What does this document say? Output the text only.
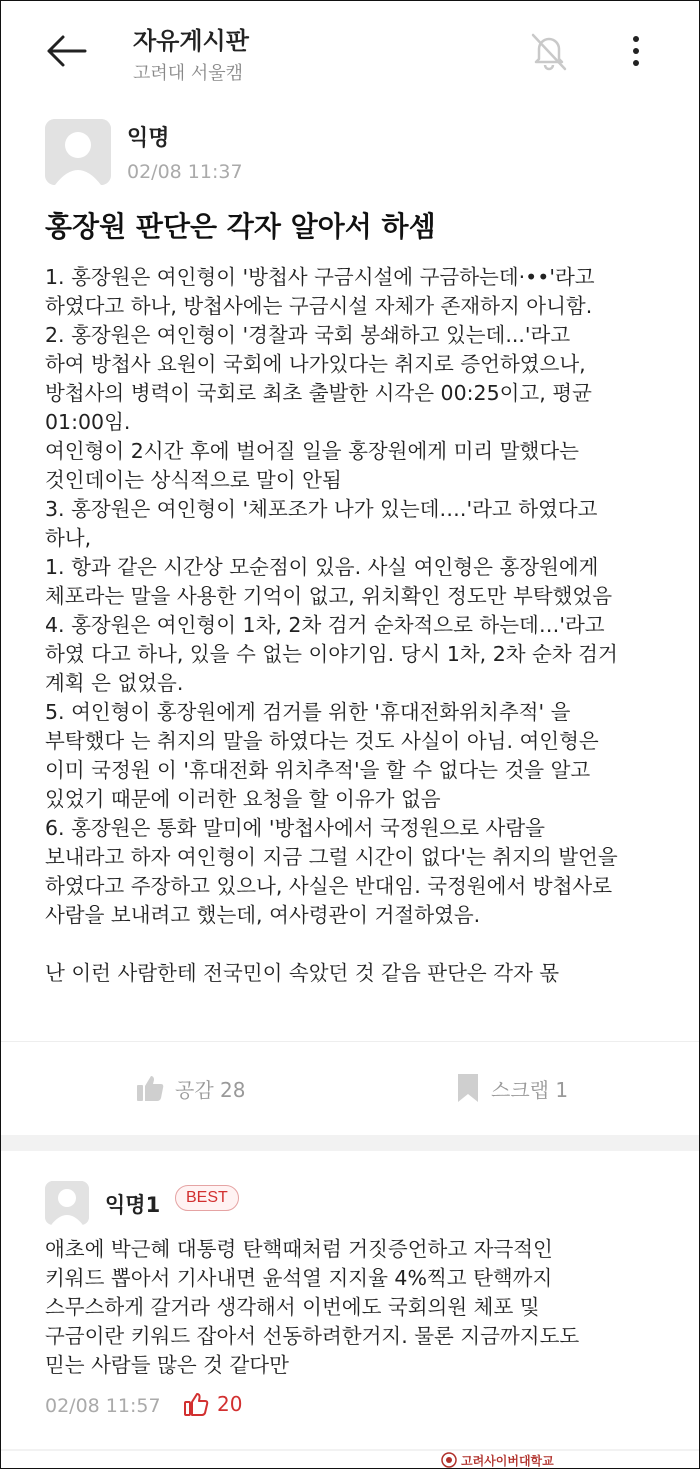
자유게시판
고려대 서울캠
익명
02/08 11:37
홍장원 판단은 각자 알아서 하셈
1. 홍장원은 여인형이 '방첩사 구금시설에 구금하는데·••'라고
하였다고 하나, 방첩사에는 구금시설 자체가 존재하지 아니함.
2. 홍장원은 여인형이 '경찰과 국회 봉쇄하고 있는데...'라고
하여 방첩사 요원이 국회에 나가있다는 취지로 증언하였으나,
방첩사의 병력이 국회로 최초 출발한 시각은 00:25이고, 평균
01:00임.
여인형이 2시간 후에 벌어질 일을 홍장원에게 미리 말했다는
것인데이는 상식적으로 말이 안됨
3. 홍장원은 여인형이 '체포조가 나가 있는데….'라고 하였다고
하나,
1. 항과 같은 시간상 모순점이 있음. 사실 여인형은 홍장원에게
체포라는 말을 사용한 기억이 없고, 위치확인 정도만 부탁했었음
4. 홍장원은 여인형이 1차, 2차 검거 순차적으로 하는데…'라고
하였 다고 하나, 있을 수 없는 이야기임. 당시 1차, 2차 순차 검거
계획 은 없었음.
5. 여인형이 홍장원에게 검거를 위한 '휴대전화위치추적' 을
부탁했다 는 취지의 말을 하였다는 것도 사실이 아님. 여인형은
이미 국정원 이 '휴대전화 위치추적'을 할 수 없다는 것을 알고
있었기 때문에 이러한 요청을 할 이유가 없음
6. 홍장원은 통화 말미에 '방첩사에서 국정원으로 사람을
보내라고 하자 여인형이 지금 그럴 시간이 없다'는 취지의 발언을
하였다고 주장하고 있으나, 사실은 반대임. 국정원에서 방첩사로
사람을 보내려고 했는데, 여사령관이 거절하였음.
난 이런 사람한테 전국민이 속았던 것 같음 판단은 각자 몫
공감 28	스크랩 1
익명1	BEST
애초에 박근혜 대통령 탄핵때처럼 거짓증언하고 자극적인
키워드 뽑아서 기사내면 윤석열 지지율 4%찍고 탄핵까지
스무스하게 갈거라 생각해서 이번에도 국회의원 체포 및
구금이란 키워드 잡아서 선동하려한거지. 물론 지금까지도도
믿는 사람들 많은 것 같다만
02/08 11:57	20
고려사이버대학교
